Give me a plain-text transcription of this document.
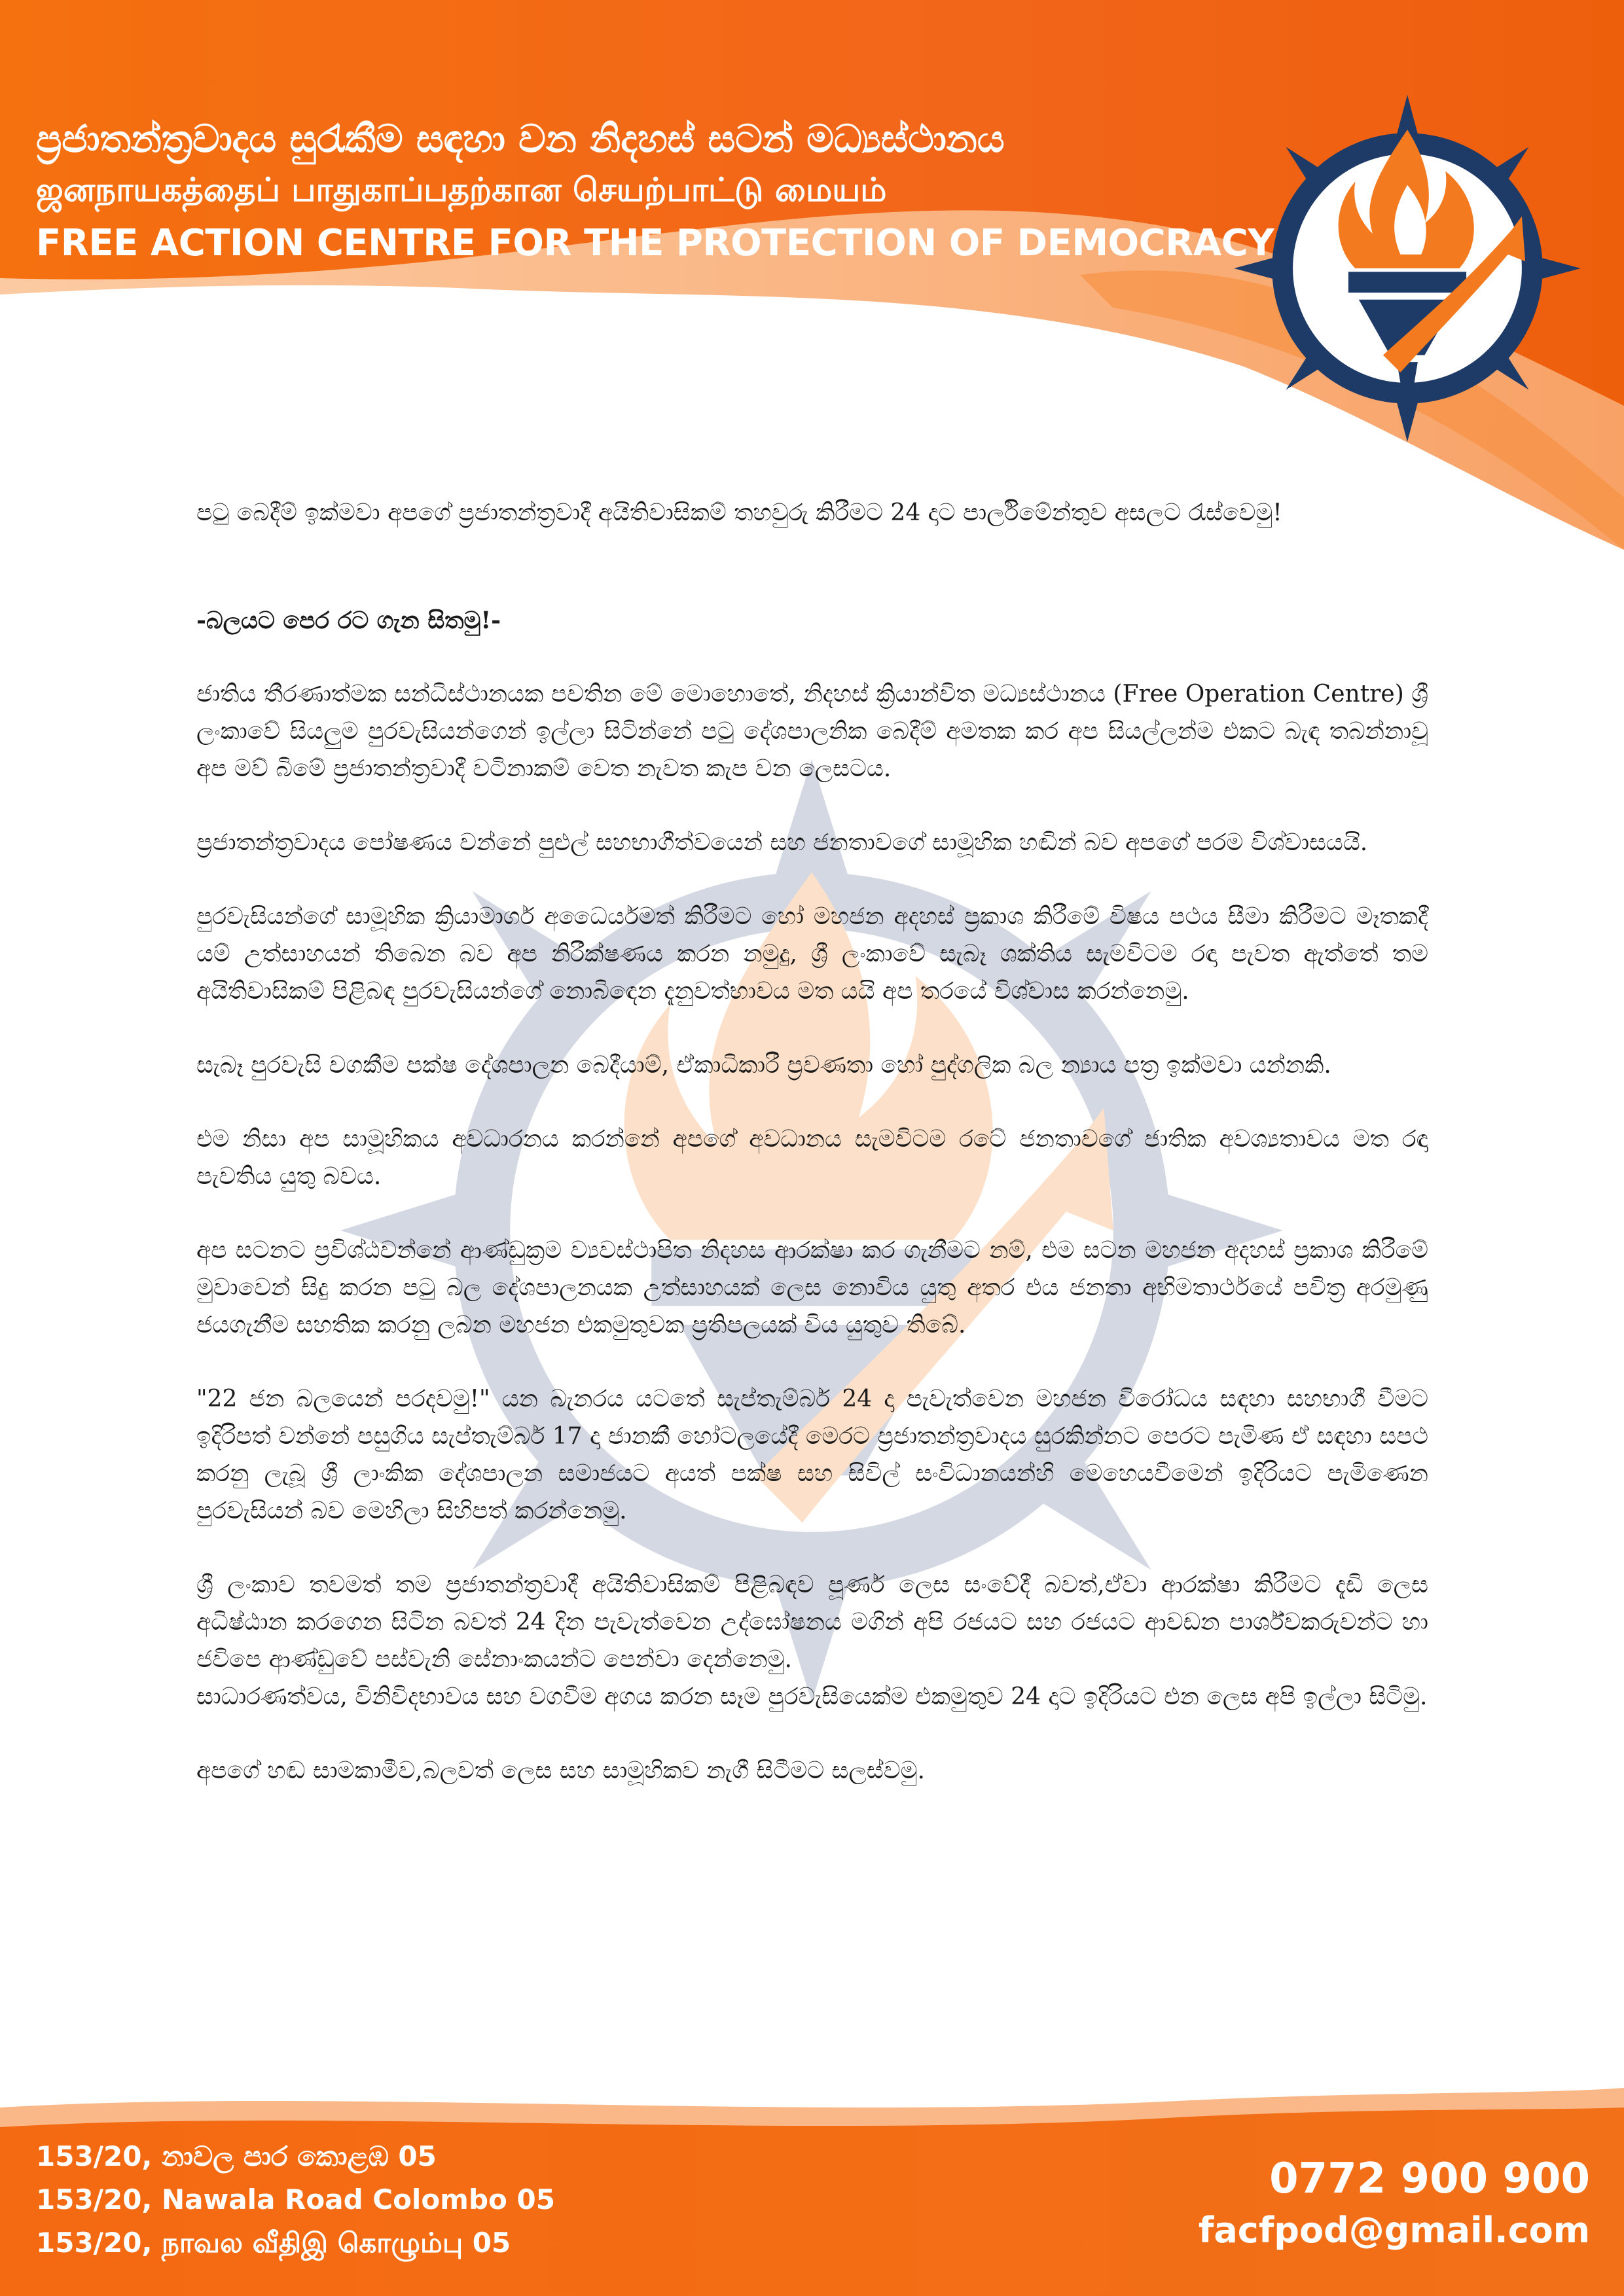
ප්‍රජාතන්ත්‍රවාදය සුරැකීම සඳහා වන නිදහස් සටන් මධ්‍යස්ථානය
ஜனநாயகத்தைப் பாதுகாப்பதற்கான செயற்பாட்டு மையம்
FREE ACTION CENTRE FOR THE PROTECTION OF DEMOCRACY

පටු බෙදීම් ඉක්මවා අපගේ ප්‍රජාතන්ත්‍රවාදී අයිතිවාසිකම් තහවුරු කිරීමට 24 දාට පාර්ලිමේන්තුව අසලට රැස්වෙමු!

-බලයට පෙර රට ගැන සිතමු!-

ජාතිය තීරණාත්මක සන්ධිස්ථානයක පවතින මේ මොහොතේ, නිදහස් ක්‍රියාන්විත මධ්‍යස්ථානය (Free Operation Centre) ශ්‍රී ලංකාවේ සියලුම පුරවැසියන්ගෙන් ඉල්ලා සිටින්නේ පටු දේශපාලනික බෙදීම් අමතක කර අප සියල්ලන්ම එකට බැඳ තබන්නාවූ අප මව් බිමේ ප්‍රජාතන්ත්‍රවාදී වටිනාකම් වෙත නැවත කැප වන ලෙසටය.

ප්‍රජාතන්ත්‍රවාදය පෝෂණය වන්නේ පුළුල් සහභාගීත්වයෙන් සහ ජනතාවගේ සාමූහික හඬින් බව අපගේ පරම විශ්වාසයයි.

පුරවැසියන්ගේ සාමූහික ක්‍රියාමාර්ග අධෛර්යමත් කිරීමට හෝ මහජන අදහස් ප්‍රකාශ කිරීමේ විෂය පථය සීමා කිරීමට මෑතකදී යම් උත්සාහයන් තිබෙන බව අප නිරීක්ෂණය කරන නමුදු, ශ්‍රී ලංකාවේ සැබෑ ශක්තිය සැමවිටම රඳා පැවත ඇත්තේ තම අයිතිවාසිකම් පිළිබඳ පුරවැසියන්ගේ නොබිඳෙන දැනුවත්භාවය මත යයි අප තරයේ විශ්වාස කරන්නෙමු.

සැබෑ පුරවැසි වගකීම පක්ෂ දේශපාලන බෙදීයාම්, ඒකාධිකාරී ප්‍රවණතා හෝ පුද්ගලික බල න්‍යාය පත්‍ර ඉක්මවා යන්නකි.

එම නිසා අප සාමූහිකය අවධාරනය කරන්නේ අපගේ අවධානය සැමවිටම රටේ ජනතාවගේ ජාතික අවශ්‍යතාවය මත රඳා පැවතිය යුතු බවය.

අප සටනට ප්‍රවිශ්ඨවන්නේ ආණ්ඩුක්‍රම ව්‍යවස්ථාපිත නිදහස ආරක්ෂා කර ගැනීමට නම්, එම සටන මහජන අදහස් ප්‍රකාශ කිරීමේ මුවාවෙන් සිදු කරන පටු බල දේශපාලනයක උත්සාහයක් ලෙස නොවිය යුතු අතර එය ජනතා අභිමතාර්ථයේ පවිත්‍ර අරමුණු ජයගැනීම සහතික කරනු ලබන මහජන එකමුතුවක ප්‍රතිපලයක් විය යුතුව තිබේ.

"22 ජන බලයෙන් පරදවමු!" යන බැනරය යටතේ සැප්තැම්බර් 24 දා පැවැත්වෙන මහජන විරෝධය සඳහා සහභාගී වීමට ඉදිරිපත් වන්නේ පසුගිය සැප්තැම්බර් 17 දා ජානකී හෝටලයේදී මෙරට ප්‍රජාතන්ත්‍රවාදය සුරකින්නට පෙරට පැමිණ ඒ සඳහා සපථ කරනු ලැබූ ශ්‍රී ලාංකික දේශපාලන සමාජයට අයත් පක්ෂ සහ සිවිල් සංවිධානයන්හි මෙහෙයවීමෙන් ඉදිරියට පැමිණෙන පුරවැසියන් බව මෙහිලා සිහිපත් කරන්නෙමු.

ශ්‍රී ලංකාව තවමත් තම ප්‍රජාතන්ත්‍රවාදී අයිතිවාසිකම් පිළිබඳව පූර්ණ ලෙස සංවේදී බවත්,ඒවා ආරක්ෂා කිරීමට දැඩි ලෙස අධිෂ්ඨාන කරගෙන සිටින බවත් 24 දින පැවැත්වෙන උද්ඝෝෂනය මගින් අපි රජයට සහ රජයට ආවඩන පාර්ශ්වකරුවන්ට හා ජවිපෙ ආණ්ඩුවේ පස්වැනි සේනාංකයන්ට පෙන්වා දෙන්නෙමු.

සාධාරණත්වය, විනිවිදභාවය සහ වගවීම අගය කරන සෑම පුරවැසියෙක්ම එකමුතුව 24 දාට ඉදිරියට එන ලෙස අපි ඉල්ලා සිටිමු.

අපගේ හඬ සාමකාමීව,බලවත් ලෙස සහ සාමූහිකව නැගී සිටීමට සලස්වමු.

153/20, නාවල පාර කොළඹ 05
153/20, Nawala Road Colombo 05
153/20, நாவல வீதிஇ கொழும்பு 05
0772 900 900
facfpod@gmail.com
